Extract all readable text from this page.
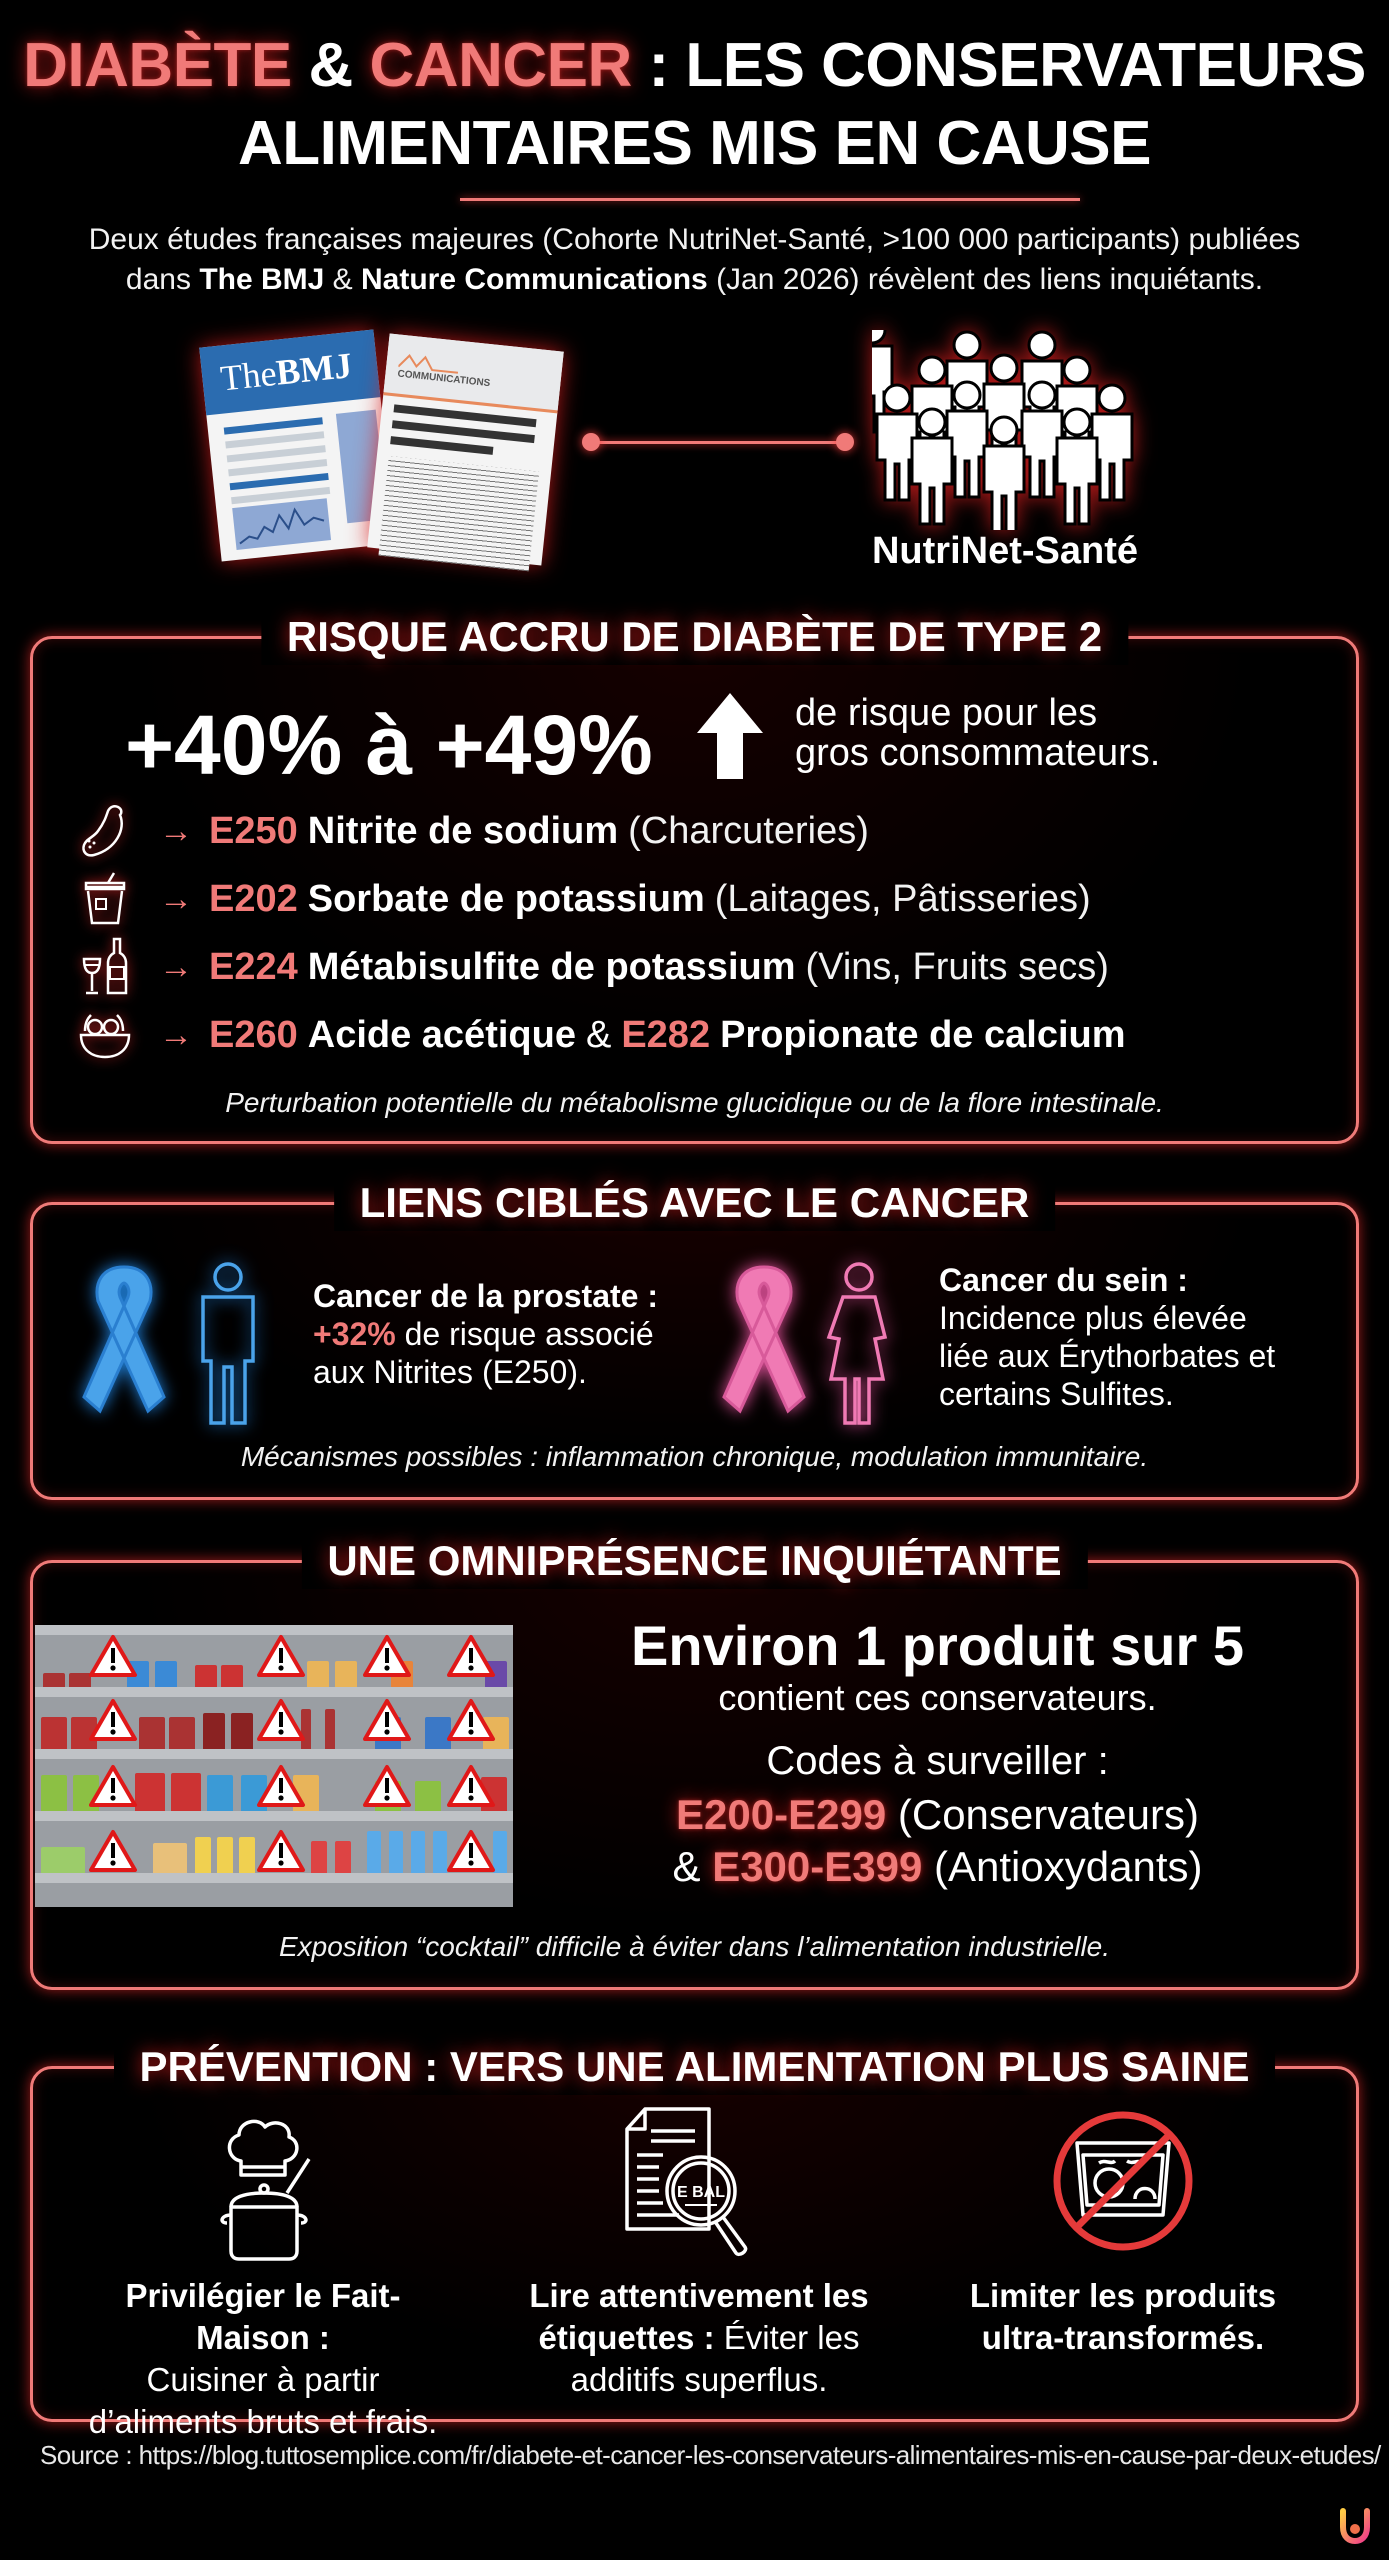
DIABÈTE & CANCER : LES CONSERVATEURS
ALIMENTAIRES MIS EN CAUSE
Deux études françaises majeures (Cohorte NutriNet-Santé, >100 000 participants) publiées
dans The BMJ & Nature Communications (Jan 2026) révèlent des liens inquiétants.
TheBMJ	COMMUNICATIONS
NutriNet-Santé
RISQUE ACCRU DE DIABÈTE DE TYPE 2
+40% à +49%	de risque pour les
gros consommateurs.
→ E250 Nitrite de sodium (Charcuteries)
→ E202 Sorbate de potassium (Laitages, Pâtisseries)
→ E224 Métabisulfite de potassium (Vins, Fruits secs)
→ E260 Acide acétique & E282 Propionate de calcium
Perturbation potentielle du métabolisme glucidique ou de la flore intestinale.
LIENS CIBLÉS AVEC LE CANCER
Cancer de la prostate :
+32% de risque associé
aux Nitrites (E250).
Cancer du sein :
Incidence plus élevée
liée aux Érythorbates et
certains Sulfites.
Mécanismes possibles : inflammation chronique, modulation immunitaire.
UNE OMNIPRÉSENCE INQUIÉTANTE
Environ 1 produit sur 5
contient ces conservateurs.
Codes à surveiller :
E200-E299 (Conservateurs)
& E300-E399 (Antioxydants)
Exposition “cocktail” difficile à éviter dans l’alimentation industrielle.
PRÉVENTION : VERS UNE ALIMENTATION PLUS SAINE
Privilégier le Fait-Maison :
Cuisiner à partir
d’aliments bruts et frais.
E BAL
Lire attentivement les
étiquettes : Éviter les
additifs superflus.
Limiter les produits
ultra-transformés.
Source : https://blog.tuttosemplice.com/fr/diabete-et-cancer-les-conservateurs-alimentaires-mis-en-cause-par-deux-etudes/
